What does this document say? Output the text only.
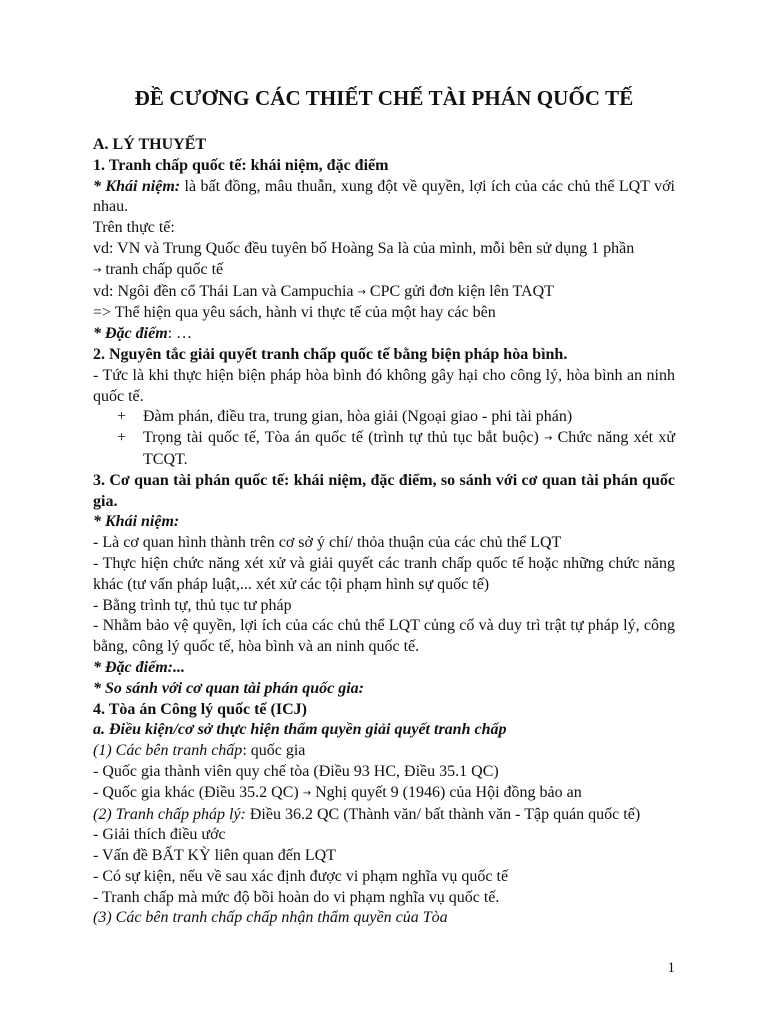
ĐỀ CƯƠNG CÁC THIẾT CHẾ TÀI PHÁN QUỐC TẾ
A. LÝ THUYẾT
1. Tranh chấp quốc tế: khái niệm, đặc điểm
* Khái niệm: là bất đồng, mâu thuẫn, xung đột về quyền, lợi ích của các chủ thể LQT với nhau.
Trên thực tế:
vd: VN và Trung Quốc đều tuyên bố Hoàng Sa là của mình, mỗi bên sử dụng 1 phần
→ tranh chấp quốc tế
vd: Ngôi đền cổ Thái Lan và Campuchia → CPC gửi đơn kiện lên TAQT
=> Thể hiện qua yêu sách, hành vi thực tế của một hay các bên
* Đặc điểm: …
2. Nguyên tắc giải quyết tranh chấp quốc tế bằng biện pháp hòa bình.
- Tức là khi thực hiện biện pháp hòa bình đó không gây hại cho công lý, hòa bình an ninh quốc tế.
+	Đàm phán, điều tra, trung gian, hòa giải (Ngoại giao - phi tài phán)
+	Trọng tài quốc tế, Tòa án quốc tế (trình tự thủ tục bắt buộc) → Chức năng xét xử TCQT.
3. Cơ quan tài phán quốc tế: khái niệm, đặc điểm, so sánh với cơ quan tài phán quốc gia.
* Khái niệm:
- Là cơ quan hình thành trên cơ sở ý chí/ thỏa thuận của các chủ thể LQT
- Thực hiện chức năng xét xử và giải quyết các tranh chấp quốc tế hoặc những chức năng khác (tư vấn pháp luật,... xét xử các tội phạm hình sự quốc tế)
- Bằng trình tự, thủ tục tư pháp
- Nhằm bảo vệ quyền, lợi ích của các chủ thể LQT củng cố và duy trì trật tự pháp lý, công bằng, công lý quốc tế, hòa bình và an ninh quốc tế.
* Đặc điểm:...
* So sánh với cơ quan tài phán quốc gia:
4. Tòa án Công lý quốc tế (ICJ)
a. Điều kiện/cơ sở thực hiện thẩm quyền giải quyết tranh chấp
(1) Các bên tranh chấp: quốc gia
- Quốc gia thành viên quy chế tòa (Điều 93 HC, Điều 35.1 QC)
- Quốc gia khác (Điều 35.2 QC) → Nghị quyết 9 (1946) của Hội đồng bảo an
(2) Tranh chấp pháp lý: Điều 36.2 QC (Thành văn/ bất thành văn - Tập quán quốc tế)
- Giải thích điều ước
- Vấn đề BẤT KỲ liên quan đến LQT
- Có sự kiện, nếu về sau xác định được vi phạm nghĩa vụ quốc tế
- Tranh chấp mà mức độ bồi hoàn do vi phạm nghĩa vụ quốc tế.
(3) Các bên tranh chấp chấp nhận thẩm quyền của Tòa
1
